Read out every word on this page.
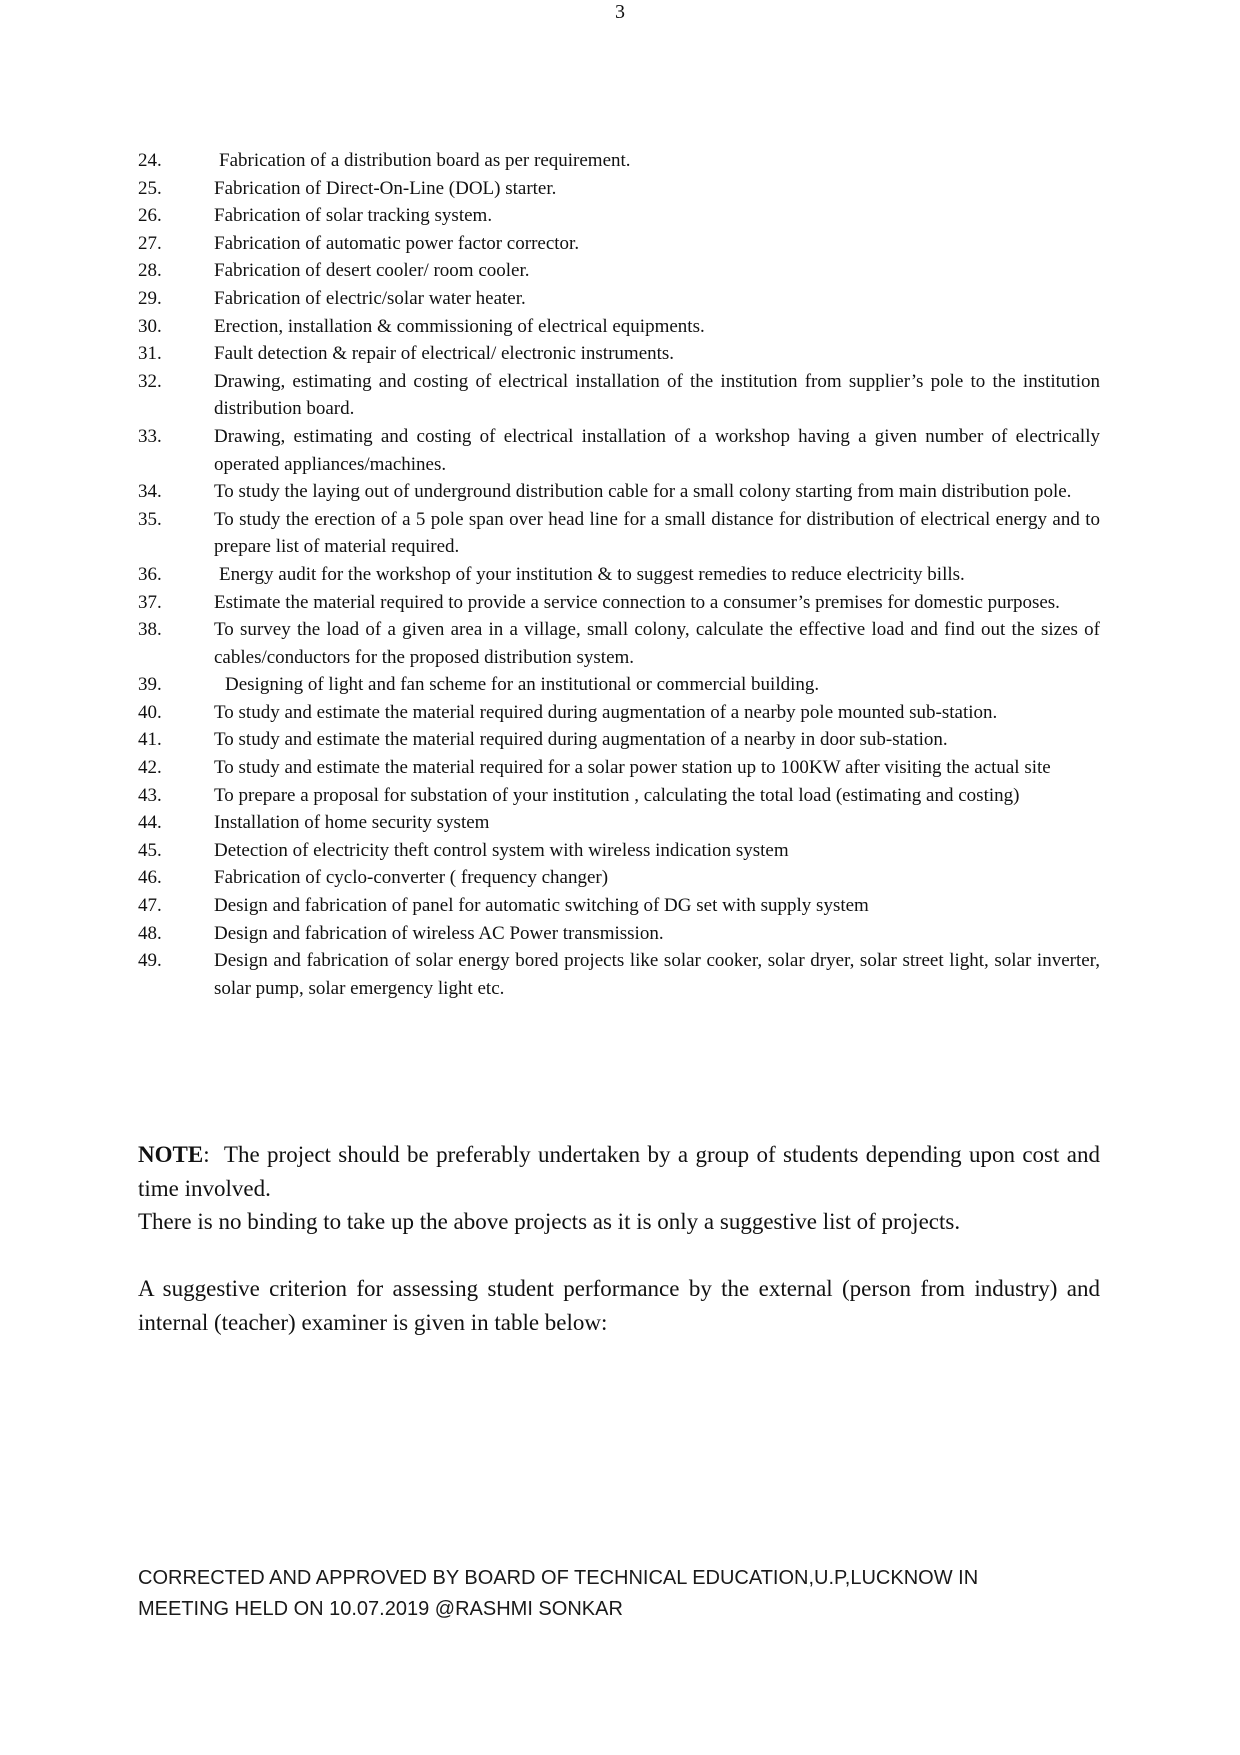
3
24.	Fabrication of a distribution board as per requirement.
25.	Fabrication of Direct-On-Line (DOL) starter.
26.	Fabrication of solar tracking system.
27.	Fabrication of automatic power factor corrector.
28.	Fabrication of desert cooler/ room cooler.
29.	Fabrication of electric/solar water heater.
30.	Erection, installation & commissioning of electrical equipments.
31.	Fault detection & repair of electrical/ electronic instruments.
32.	Drawing, estimating and costing of electrical installation of the institution from supplier’s pole to the institution distribution board.
33.	Drawing, estimating and costing of electrical installation of a workshop having a given number of electrically operated appliances/machines.
34.	To study the laying out of underground distribution cable for a small colony starting from main distribution pole.
35.	To study the erection of a 5 pole span over head line for a small distance for distribution of electrical energy and to prepare list of material required.
36.	Energy audit for the workshop of your institution & to suggest remedies to reduce electricity bills.
37.	Estimate the material required to provide a service connection to a consumer’s premises for domestic purposes.
38.	To survey the load of a given area in a village, small colony, calculate the effective load and find out the sizes of cables/conductors for the proposed distribution system.
39.	Designing of light and fan scheme for an institutional or commercial building.
40.	To study and estimate the material required during augmentation of a nearby pole mounted sub-station.
41.	To study and estimate the material required during augmentation of a nearby in door sub-station.
42.	To study and estimate the material required for a solar power station up to 100KW after visiting the actual site
43.	To prepare a proposal for substation of your institution , calculating the total load (estimating and costing)
44.	Installation of home security system
45.	Detection of electricity theft control system with wireless indication system
46.	Fabrication of cyclo-converter ( frequency changer)
47.	Design and fabrication of panel for automatic switching of DG set with supply system
48.	Design and fabrication of wireless AC Power transmission.
49.	Design and fabrication of solar energy bored projects like solar cooker, solar dryer, solar street light, solar inverter, solar pump, solar emergency light etc.

NOTE: The project should be preferably undertaken by a group of students depending upon cost and time involved.

There is no binding to take up the above projects as it is only a suggestive list of projects.

A suggestive criterion for assessing student performance by the external (person from industry) and internal (teacher) examiner is given in table below:

CORRECTED AND APPROVED BY BOARD OF TECHNICAL EDUCATION,U.P,LUCKNOW IN
MEETING HELD ON 10.07.2019 @RASHMI SONKAR
